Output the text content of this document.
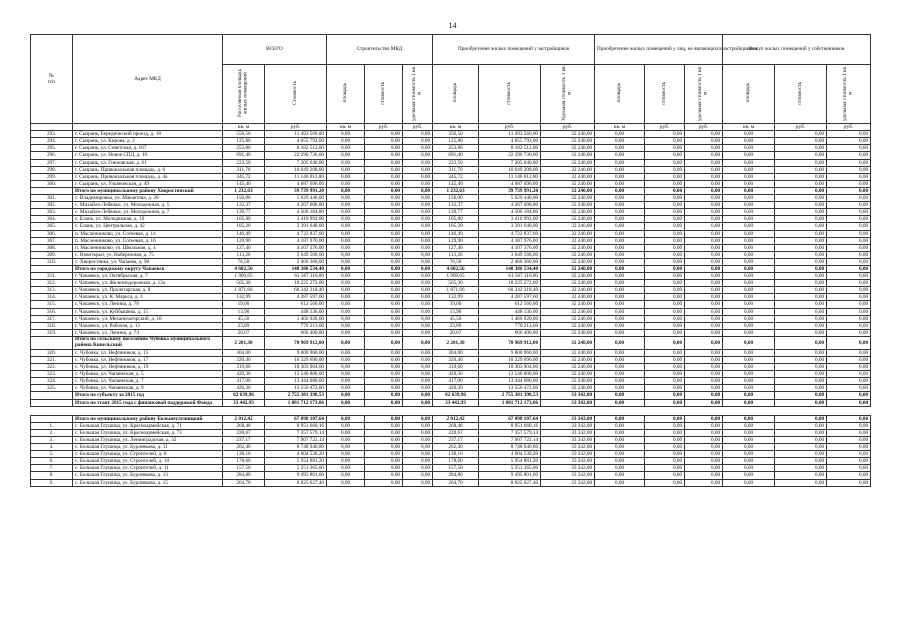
14
№
п/п	Адрес МКД	ВСЕГО		Строительство МКД			Приобретение жилых помещений у застройщиков			Приобретение жилых помещений у лиц, не являющихся застройщиками			Выкуп жилых помещений у собственников		
		Расселяемая площадь жилых помещений	Стоимость	площадь	стоимость	удельная стоимость 1 кв. м	площадь	стоимость	Удельная стоимость 1 кв. м	площадь	стоимость	удельная стоимость 1 кв. м	площадь	стоимость	удельная стоимость 1 кв. м
		кв. м	руб.	кв. м	руб.	руб.	кв. м	руб.	руб.	кв. м	руб.	руб.	кв. м	руб.	руб.
293.	г. Сызрань, Бередический проезд, д. 18	556,50	11 493 560,00	0,00	0,00	0,00	356,50	11 493 560,00	32 240,00	0,00	0,00	0,00	0,00	0,00	0,00
294.	г. Сызрань, ул. Кирова, д. 2	125,80	4 055 792,00	0,00	0,00	0,00	125,80	4 055 792,00	32 240,00	0,00	0,00	0,00	0,00	0,00	0,00
295.	г. Сызрань, ул. Советская, д. 107	253,80	8 182 512,00	0,00	0,00	0,00	253,80	8 182 512,00	32 240,00	0,00	0,00	0,00	0,00	0,00	0,00
296.	г. Сызрань, ул. Новое СПД, д. 10	691,40	22 290 736,00	0,00	0,00	0,00	691,40	22 290 736,00	32 240,00	0,00	0,00	0,00	0,00	0,00	0,00
297.	г. Сызрань, ул. Гниловская, д. 61	223,50	7 205 640,00	0,00	0,00	0,00	223,50	7 205 640,00	32 240,00	0,00	0,00	0,00	0,00	0,00	0,00
298.	г. Сызрань, Привокзальная площадь, д. 6	311,70	10 049 208,00	0,00	0,00	0,00	311,70	10 049 208,00	32 240,00	0,00	0,00	0,00	0,00	0,00	0,00
299.	г. Сызрань, Привокзальная площадь, д. 4а	345,72	11 146 012,80	0,00	0,00	0,00	345,72	11 146 012,80	32 240,00	0,00	0,00	0,00	0,00	0,00	0,00
300.	г. Сызрань, ул. Ульяновская, д. 49	145,40	4 687 696,00	0,00	0,00	0,00	145,40	4 687 696,00	32 240,00	0,00	0,00	0,00	0,00	0,00	0,00
	Итого по муниципальному району Хворостянский	1 232,63	39 739 991,20	0,00	0,00	0,00	1 232,63	39 739 991,20	32 240,00	0,00	0,00	0,00	0,00	0,00	0,00
301.	с. Владимировка, ул. Макаетова, д. 28	156,00	5 029 440,00	0,00	0,00	0,00	156,00	5 029 440,00	32 240,00	0,00	0,00	0,00	0,00	0,00	0,00
302.	с. Михайло-Лебяжье, ул. Молодежная, д. 5	132,37	4 267 608,80	0,00	0,00	0,00	132,37	4 267 608,80	32 240,00	0,00	0,00	0,00	0,00	0,00	0,00
303.	с. Михайло-Лебяжье, ул. Молодежная, д. 7	139,77	4 506 184,80	0,00	0,00	0,00	139,77	4 506 184,80	32 240,00	0,00	0,00	0,00	0,00	0,00	0,00
304.	с. Елань, ул. Молодежная, д. 10	105,80	3 410 992,00	0,00	0,00	0,00	105,80	3 410 992,00	32 240,00	0,00	0,00	0,00	0,00	0,00	0,00
305.	с. Елань, ул. Центральная, д. 42	105,20	3 391 648,00	0,00	0,00	0,00	105,20	3 391 648,00	32 240,00	0,00	0,00	0,00	0,00	0,00	0,00
306.	п. Масленниково, ул. Сотеевая, д. 14	146,49	4 722 837,60	0,00	0,00	0,00	146,49	4 722 837,60	32 240,00	0,00	0,00	0,00	0,00	0,00	0,00
307.	п. Масленниково, ул. Сотеевая, д. 16	129,90	4 187 976,00	0,00	0,00	0,00	129,90	4 187 976,00	32 240,00	0,00	0,00	0,00	0,00	0,00	0,00
308.	п. Масленниково, ул. Школьная, д. 4	127,40	4 107 376,00	0,00	0,00	0,00	127,40	4 107 376,00	32 240,00	0,00	0,00	0,00	0,00	0,00	0,00
309.	с. Новоткрыт, ул. Набережная, д. 75	113,20	3 649 568,00	0,00	0,00	0,00	113,20	3 649 568,00	32 240,00	0,00	0,00	0,00	0,00	0,00	0,00
310.	с. Хворостянка, ул. Чапаева, д. 90	76,50	2 466 360,00	0,00	0,00	0,00	76,50	2 466 360,00	32 240,00	0,00	0,00	0,00	0,00	0,00	0,00
	Итого по городскому округу Чапаевск	4 602,56	148 386 534,40	0,00	0,00	0,00	4 602,56	148 386 534,40	32 240,00	0,00	0,00	0,00	0,00	0,00	0,00
311.	г. Чапаевск, ул. Октябрьская, д. 7	1 909,65	61 567 116,00	0,00	0,00	0,00	1 909,65	61 567 116,00	32 240,00	0,00	0,00	0,00	0,00	0,00	0,00
312.	г. Чапаевск, ул. Железнодорожная, д. 13а	565,30	18 225 272,00	0,00	0,00	0,00	565,30	18 225 272,00	32 240,00	0,00	0,00	0,00	0,00	0,00	0,00
313.	г. Чапаевск, ул. Пролетарская, д. 8	1 871,66	60 342 318,40	0,00	0,00	0,00	1 871,66	60 342 318,40	32 240,00	0,00	0,00	0,00	0,00	0,00	0,00
314.	г. Чапаевск, ул. К. Маркса, д. 3	132,99	4 287 597,60	0,00	0,00	0,00	132,99	4 287 597,60	32 240,00	0,00	0,00	0,00	0,00	0,00	0,00
315.	г. Чапаевск, ул. Ленина, д. 78	19,00	612 560,00	0,00	0,00	0,00	19,00	612 560,00	32 240,00	0,00	0,00	0,00	0,00	0,00	0,00
316.	г. Чапаевск, ул. Куйбышева, д. 15	13,90	448 136,00	0,00	0,00	0,00	13,90	448 136,00	32 240,00	0,00	0,00	0,00	0,00	0,00	0,00
317.	г. Чапаевск, ул. Механизаторский, д. 10	45,50	1 466 920,00	0,00	0,00	0,00	45,50	1 466 920,00	32 240,00	0,00	0,00	0,00	0,00	0,00	0,00
318.	г. Чапаевск, ул. Рабочая, д. 12	23,89	770 213,60	0,00	0,00	0,00	23,89	770 213,60	32 240,00	0,00	0,00	0,00	0,00	0,00	0,00
319.	г. Чапаевск, ул. Ленина, д. 74	20,67	666 400,80	0,00	0,00	0,00	20,67	666 400,80	32 240,00	0,00	0,00	0,00	0,00	0,00	0,00
	Итого по сельскому поселению Чубовка муниципального района Кинельский	2 201,30	70 969 912,00	0,00	0,00	0,00	2 201,30	70 969 912,00	32 240,00	0,00	0,00	0,00	0,00	0,00	0,00
320.	с. Чубовка, ул. Нефтяников, д. 15	304,00	9 800 960,00	0,00	0,00	0,00	304,00	9 800 960,00	32 240,00	0,00	0,00	0,00	0,00	0,00	0,00
321.	с. Чубовка, ул. Нефтяников, д. 17	320,40	10 329 696,00	0,00	0,00	0,00	320,40	10 329 696,00	32 240,00	0,00	0,00	0,00	0,00	0,00	0,00
322.	с. Чубовка, ул. Нефтяников, д. 19	319,60	10 303 904,00	0,00	0,00	0,00	319,60	10 303 904,00	32 240,00	0,00	0,00	0,00	0,00	0,00	0,00
323.	с. Чубовка, ул. Чапаевская, д. 5	420,30	13 540 800,00	0,00	0,00	0,00	420,30	13 540 800,00	32 240,00	0,00	0,00	0,00	0,00	0,00	0,00
324.	с. Чубовка, ул. Чапаевская, д. 7	417,00	13 444 080,00	0,00	0,00	0,00	417,00	13 444 080,00	32 240,00	0,00	0,00	0,00	0,00	0,00	0,00
325.	с. Чубовка, ул. Чапаевская, д. 9	420,30	13 550 472,00	0,00	0,00	0,00	420,30	13 550 472,00	32 240,00	0,00	0,00	0,00	0,00	0,00	0,00
	Итого по субъекту за 2015 год	82 639,96	2 755 381 398,53	0,00	0,00	0,00	82 639,96	2 755 381 398,53	33 342,00	0,00	0,00	0,00	0,00	0,00	0,00
	Итого по этапу 2015 года с финансовой поддержкой Фонда	33 442,93	1 081 712 173,06	0,00	0,00	0,00	33 442,93	1 081 712 173,06	33 342,00	0,00	0,00	0,00	0,00	0,00	0,00

	Итого по муниципальному району Большеглушицкий	2 012,42	67 098 107,64	0,00	0,00	0,00	2 012,42	67 098 107,64	33 342,00	0,00	0,00	0,00	0,00	0,00	0,00
1.	с. Большая Глушица, ул. Красноармейская, д. 71	268,48	8 951 660,16	0,00	0,00	0,00	268,48	8 951 660,16	33 342,00	0,00	0,00	0,00	0,00	0,00	0,00
2.	с. Большая Глушица, ул. Красноармейская, д. 73	220,67	7 357 579,14	0,00	0,00	0,00	220,67	7 357 579,14	33 342,00	0,00	0,00	0,00	0,00	0,00	0,00
3.	с. Большая Глушица, ул. Ленинградская, д. 32	237,17	7 907 722,14	0,00	0,00	0,00	237,17	7 907 722,14	33 342,00	0,00	0,00	0,00	0,00	0,00	0,00
4.	с. Большая Глушица, ул. Бурлевкова, д. 11	262,40	8 748 940,80	0,00	0,00	0,00	262,40	8 748 940,80	33 342,00	0,00	0,00	0,00	0,00	0,00	0,00
5.	с. Большая Глушица, ул. Строителей, д. 8	138,10	4 604 530,20	0,00	0,00	0,00	138,10	4 604 530,20	33 342,00	0,00	0,00	0,00	0,00	0,00	0,00
6.	с. Большая Глушица, ул. Строителей, д. 10	178,60	5 954 881,20	0,00	0,00	0,00	178,60	5 954 881,20	33 342,00	0,00	0,00	0,00	0,00	0,00	0,00
7.	с. Большая Глушица, ул. Строителей, д. 11	157,50	5 251 365,00	0,00	0,00	0,00	157,50	5 251 365,00	33 342,00	0,00	0,00	0,00	0,00	0,00	0,00
8.	с. Большая Глушица, ул. Бурлевкова, д. 13	284,80	9 495 801,60	0,00	0,00	0,00	284,80	9 495 801,60	33 342,00	0,00	0,00	0,00	0,00	0,00	0,00
9.	с. Большая Глушица, ул. Бурлевкова, д. 15	264,70	8 825 627,40	0,00	0,00	0,00	264,70	8 825 627,40	33 342,00	0,00	0,00	0,00	0,00	0,00	0,00
